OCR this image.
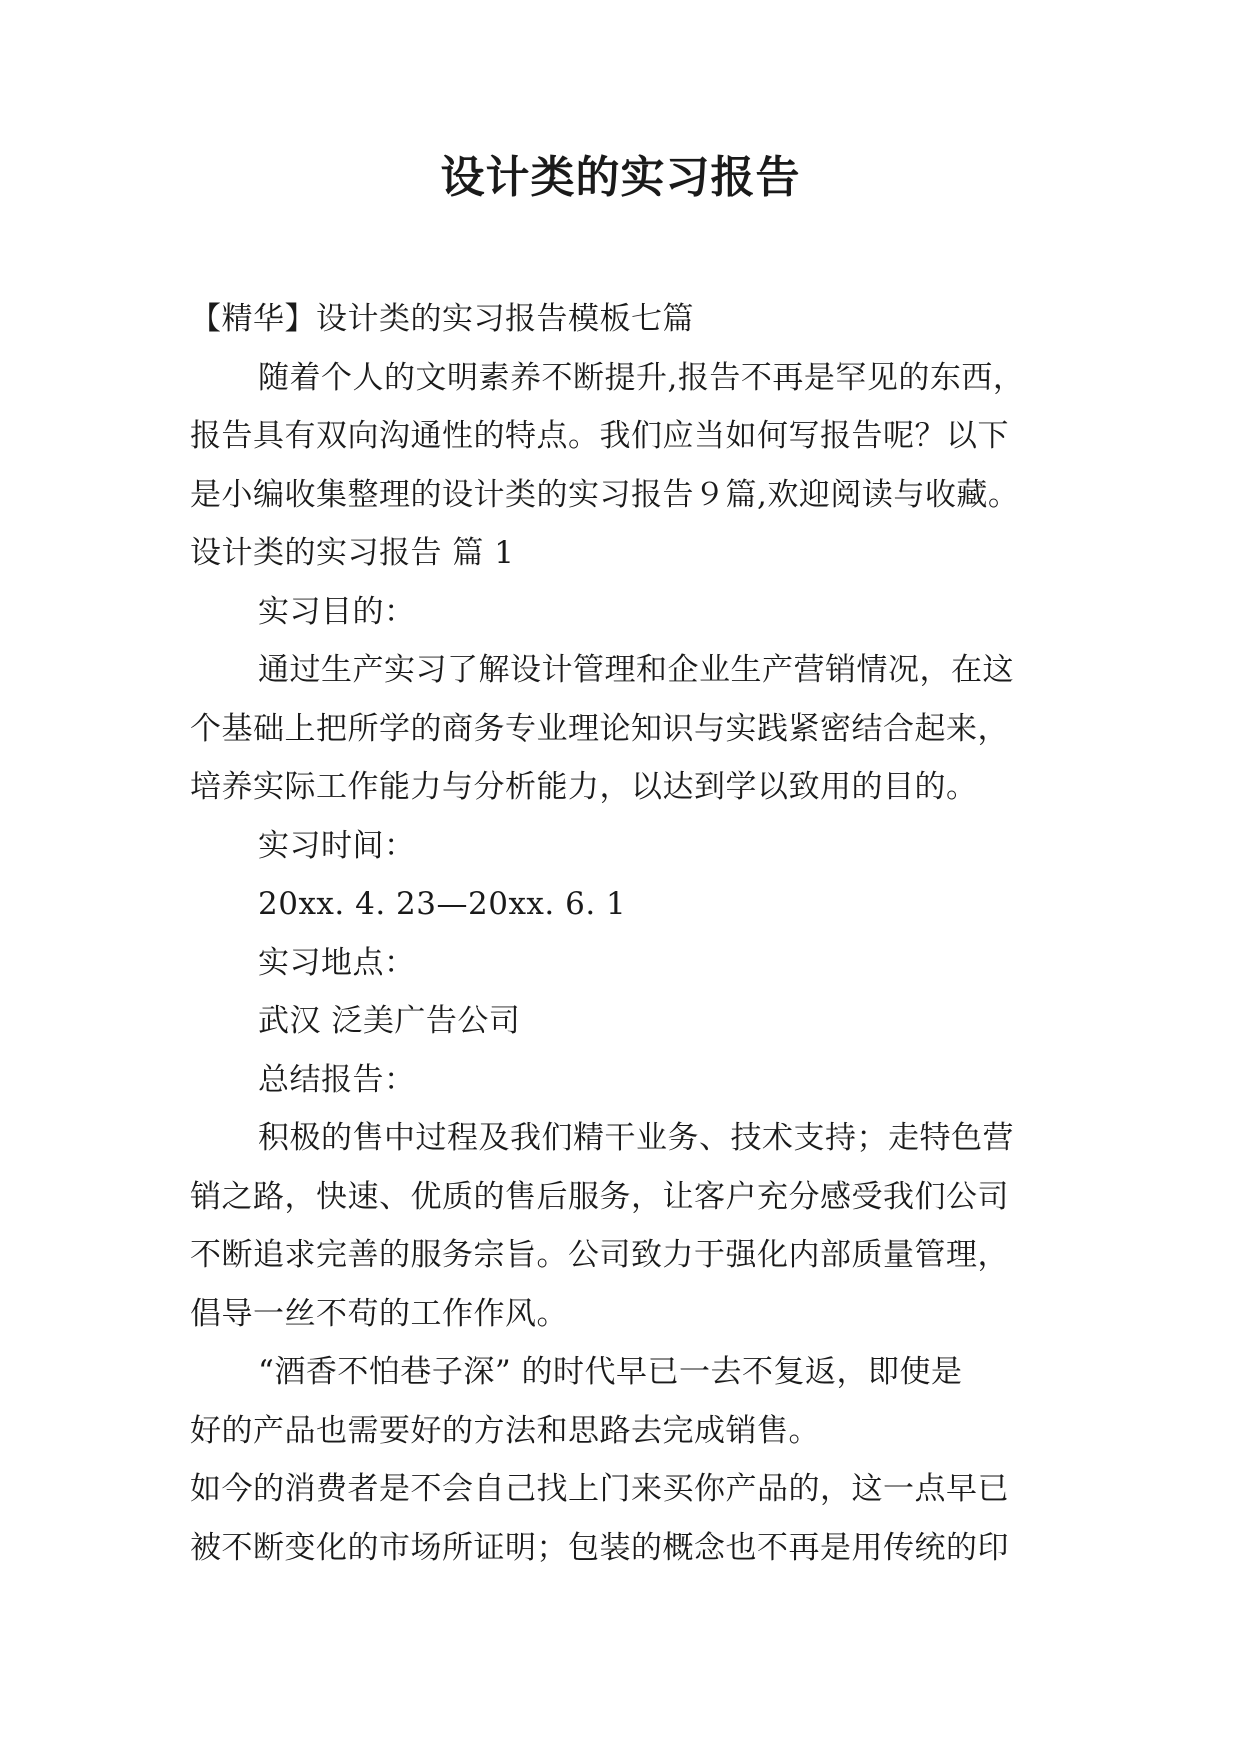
设计类的实习报告

【精华】设计类的实习报告模板七篇

随着个人的文明素养不断提升,报告不再是罕见的东西，

报告具有双向沟通性的特点。我们应当如何写报告呢？以下

是小编收集整理的设计类的实习报告９篇,欢迎阅读与收藏。

设计类的实习报告 篇 1

实习目的：

通过生产实习了解设计管理和企业生产营销情况，在这

个基础上把所学的商务专业理论知识与实践紧密结合起来，

培养实际工作能力与分析能力，以达到学以致用的目的。

实习时间：

20xx. 4. 23—20xx. 6. 1

实习地点：

武汉 泛美广告公司

总结报告：

积极的售中过程及我们精干业务、技术支持；走特色营

销之路，快速、优质的售后服务，让客户充分感受我们公司

不断追求完善的服务宗旨。公司致力于强化内部质量管理，

倡导一丝不苟的工作作风。

“酒香不怕巷子深” 的时代早已一去不复返，即使是

好的产品也需要好的方法和思路去完成销售。

如今的消费者是不会自己找上门来买你产品的，这一点早已

被不断变化的市场所证明；包装的概念也不再是用传统的印
